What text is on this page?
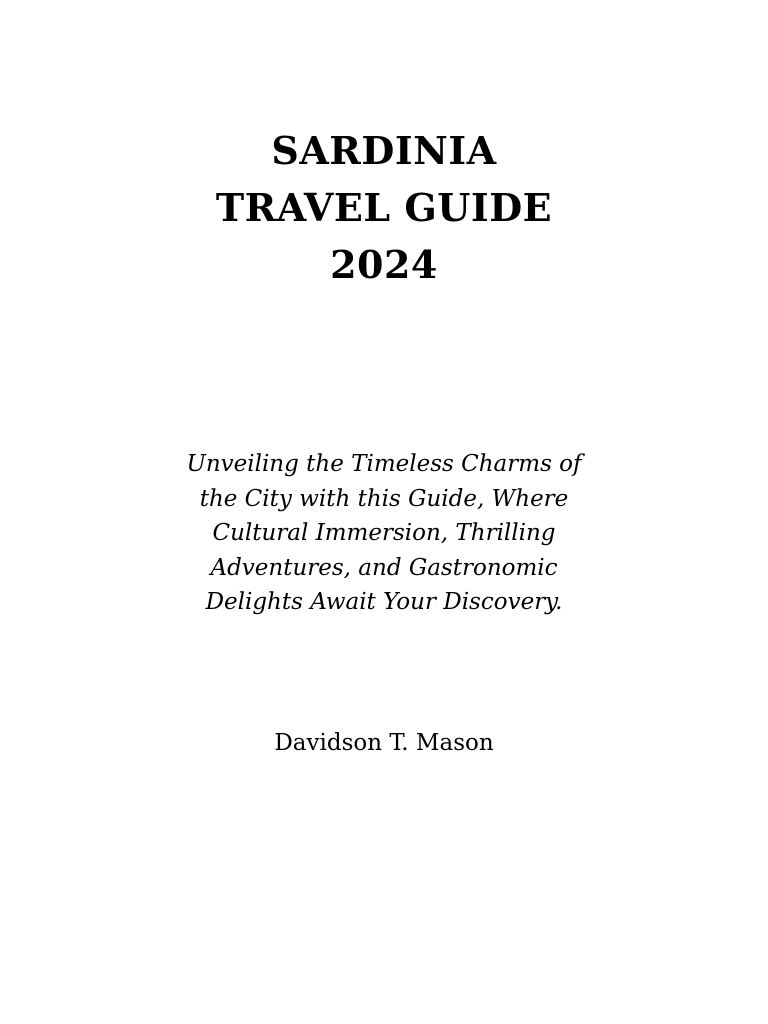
SARDINIA
TRAVEL GUIDE
2024
Unveiling the Timeless Charms of
the City with this Guide, Where
Cultural Immersion, Thrilling
Adventures, and Gastronomic
Delights Await Your Discovery.
Davidson T. Mason
